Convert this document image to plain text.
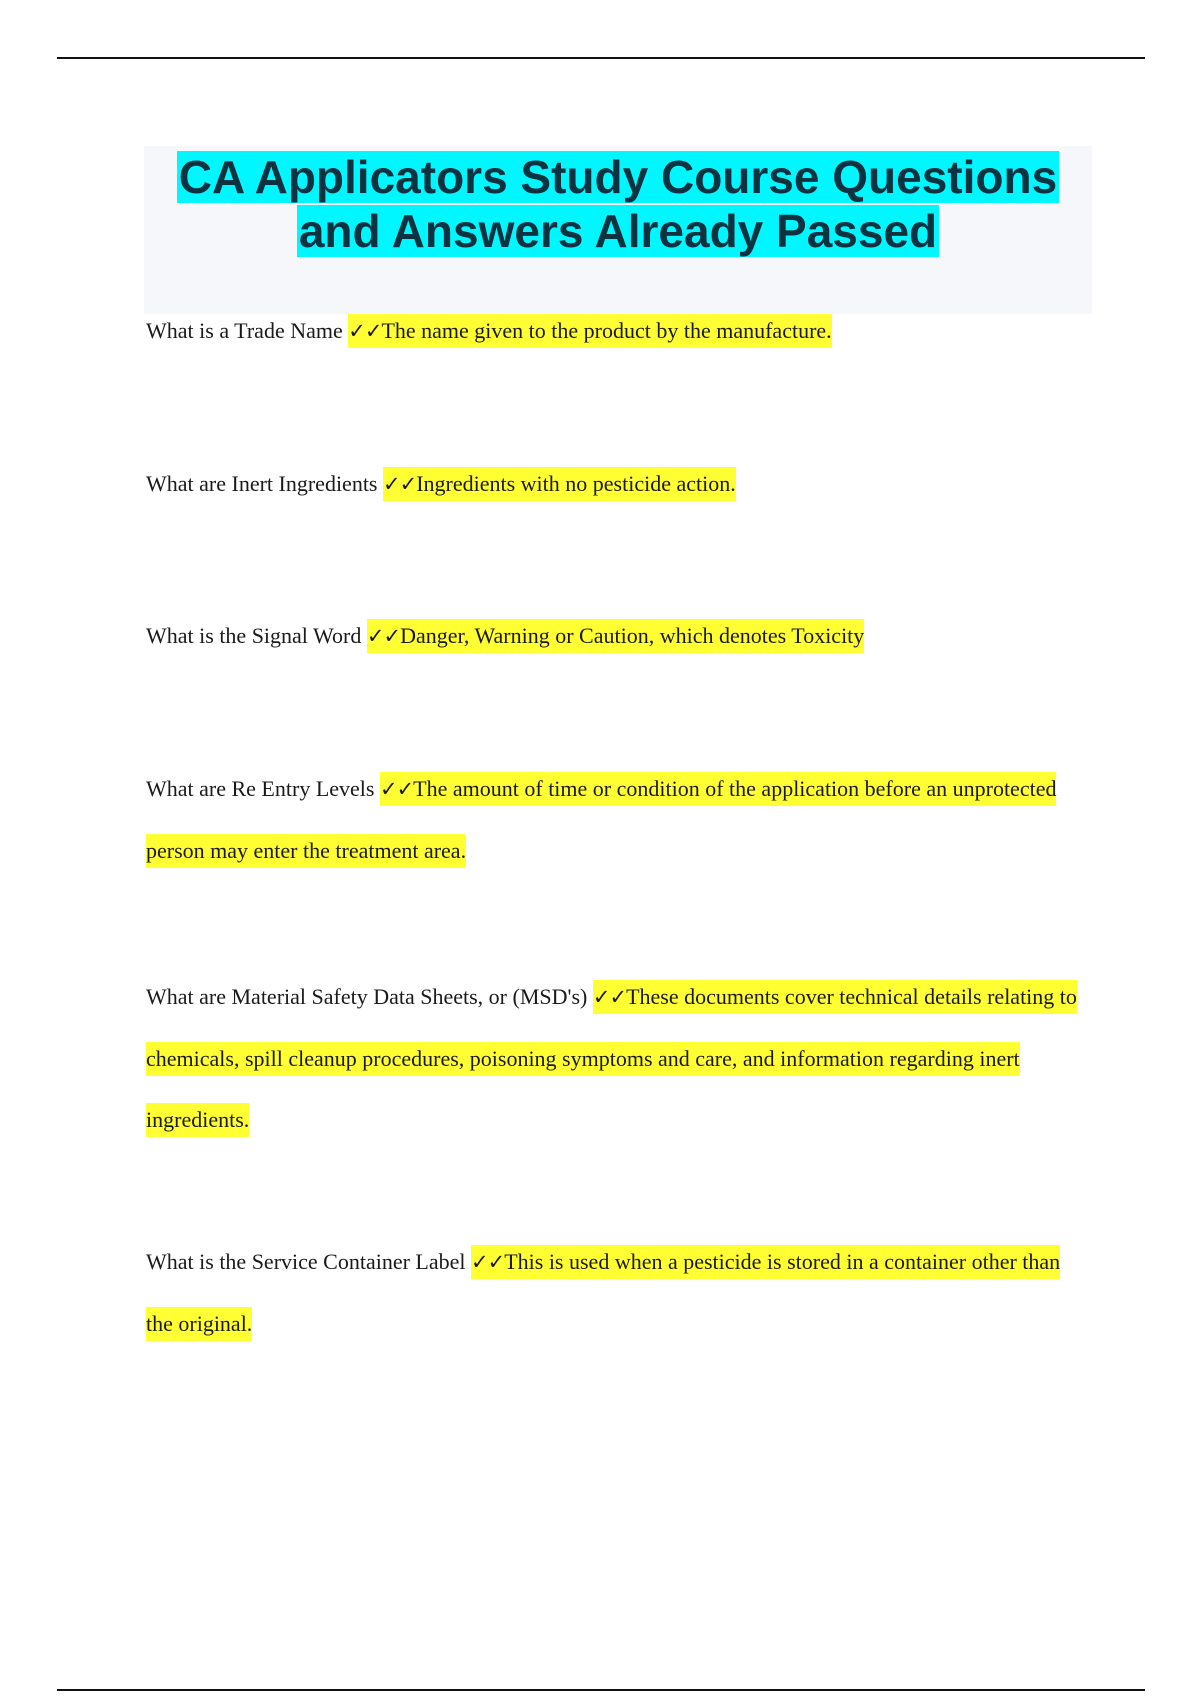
CA Applicators Study Course Questions
and Answers Already Passed

What is a Trade Name ✓✓The name given to the product by the manufacture.

What are Inert Ingredients ✓✓Ingredients with no pesticide action.

What is the Signal Word ✓✓Danger, Warning or Caution, which denotes Toxicity

What are Re Entry Levels ✓✓The amount of time or condition of the application before an unprotected person may enter the treatment area.

What are Material Safety Data Sheets, or (MSD's) ✓✓These documents cover technical details relating to chemicals, spill cleanup procedures, poisoning symptoms and care, and information regarding inert ingredients.

What is the Service Container Label ✓✓This is used when a pesticide is stored in a container other than the original.
